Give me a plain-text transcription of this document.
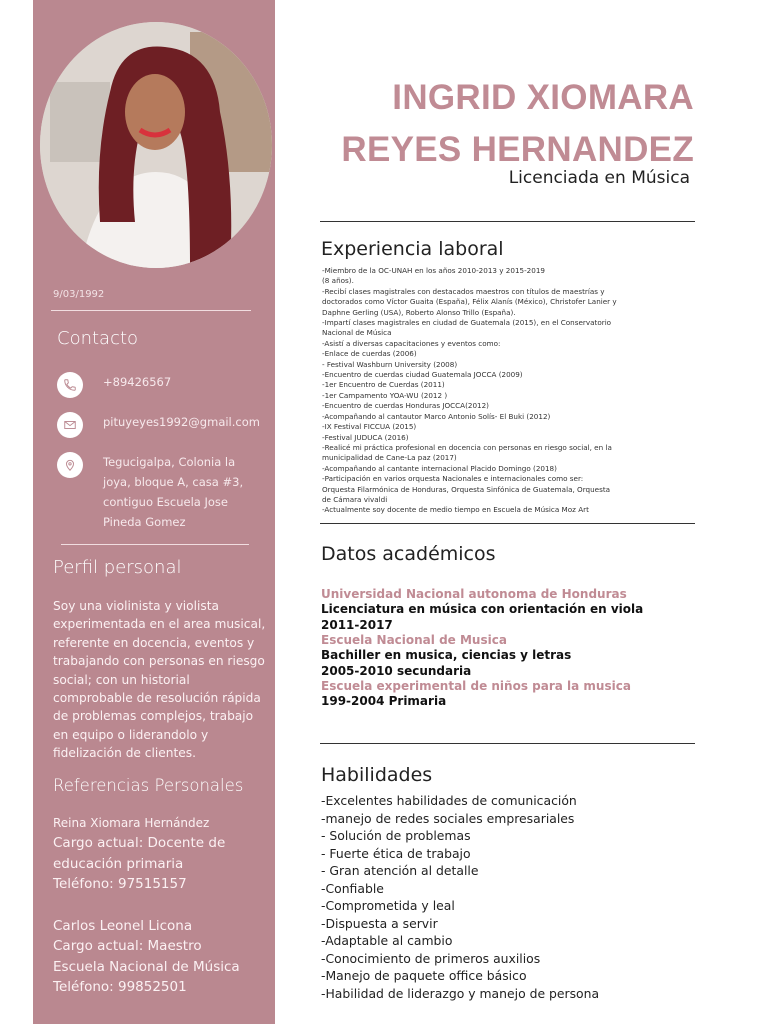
9/03/1992
Contacto
+89426567
pituyeyes1992@gmail.com
Tegucigalpa, Colonia la
joya, bloque A, casa #3,
contiguo Escuela Jose
Pineda Gomez
Perfil personal
Soy una violinista y violista experimentada en el area musical, referente en docencia, eventos y trabajando con personas en riesgo social; con un historial comprobable de resolución rápida de problemas complejos, trabajo en equipo o liderandolo y fidelización de clientes.
Referencias Personales
Reina Xiomara Hernández
Cargo actual: Docente de
educación primaria
Teléfono: 97515157
Carlos Leonel Licona
Cargo actual: Maestro
Escuela Nacional de Música
Teléfono: 99852501
INGRID XIOMARA
REYES HERNANDEZ
Licenciada en Música
Experiencia laboral
-Miembro de la OC-UNAH en los años 2010-2013 y 2015-2019
(8 años).
-Recibí clases magistrales con destacados maestros con títulos de maestrías y
doctorados como Víctor Guaita (España), Félix Alanís (México), Christofer Lanier y
Daphne Gerling (USA), Roberto Alonso Trillo (España).
-Impartí clases magistrales en ciudad de Guatemala (2015), en el Conservatorio
Nacional de Música
-Asistí a diversas capacitaciones y eventos como:
-Enlace de cuerdas (2006)
- Festival Washburn University (2008)
-Encuentro de cuerdas ciudad Guatemala JOCCA (2009)
-1er Encuentro de Cuerdas (2011)
-1er Campamento YOA-WU (2012 )
-Encuentro de cuerdas Honduras JOCCA(2012)
-Acompañando al cantautor Marco Antonio Solís- El Buki (2012)
-IX Festival FICCUA (2015)
-Festival JUDUCA (2016)
-Realicé mi práctica profesional en docencia con personas en riesgo social, en la
municipalidad de Cane-La paz (2017)
-Acompañando al cantante internacional Placido Domingo (2018)
-Participación en varios orquesta Nacionales e internacionales como ser:
Orquesta Filarmónica de Honduras, Orquesta Sinfónica de Guatemala, Orquesta
de Cámara vivaldi
-Actualmente soy docente de medio tiempo en Escuela de Música Moz Art
Datos académicos
Universidad Nacional autonoma de Honduras
Licenciatura en música con orientación en viola
2011-2017
Escuela Nacional de Musica
Bachiller en musica, ciencias y letras
2005-2010 secundaria
Escuela experimental de niños para la musica
199-2004 Primaria
Habilidades
-Excelentes habilidades de comunicación
-manejo de redes sociales empresariales
- Solución de problemas
- Fuerte ética de trabajo
- Gran atención al detalle
-Confiable
-Comprometida y leal
-Dispuesta a servir
-Adaptable al cambio
-Conocimiento de primeros auxilios
-Manejo de paquete office básico
-Habilidad de liderazgo y manejo de persona
